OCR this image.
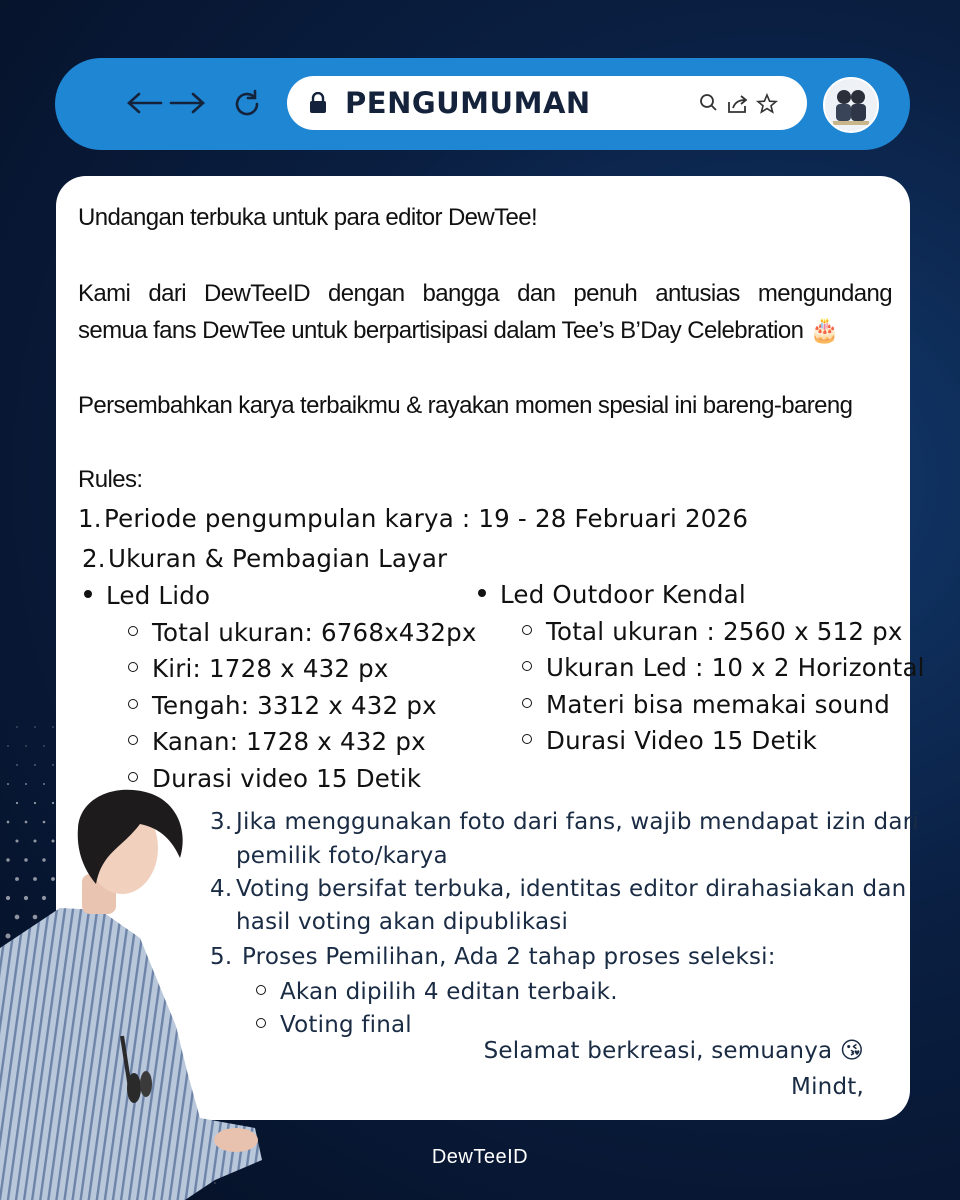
PENGUMUMAN
Undangan terbuka untuk para editor DewTee!
Kami dari DewTeeID dengan bangga dan penuh antusias mengundang
semua fans DewTee untuk berpartisipasi dalam Tee’s B’Day Celebration 🎂
Persembahkan karya terbaikmu & rayakan momen spesial ini bareng-bareng
Rules:
1.Periode pengumpulan karya : 19 - 28 Februari 2026
2.Ukuran & Pembagian Layar
Led Lido
Total ukuran: 6768x432px
Kiri: 1728 x 432 px
Tengah: 3312 x 432 px
Kanan: 1728 x 432 px
Durasi video 15 Detik
Led Outdoor Kendal
Total ukuran : 2560 x 512 px
Ukuran Led : 10 x 2 Horizontal
Materi bisa memakai sound
Durasi Video 15 Detik
3. Jika menggunakan foto dari fans, wajib mendapat izin dari
pemilik foto/karya
4. Voting bersifat terbuka, identitas editor dirahasiakan dan
hasil voting akan dipublikasi
5. Proses Pemilihan, Ada 2 tahap proses seleksi:
Akan dipilih 4 editan terbaik.
Voting final
Selamat berkreasi, semuanya 😘
Mindt,
DewTeeID
